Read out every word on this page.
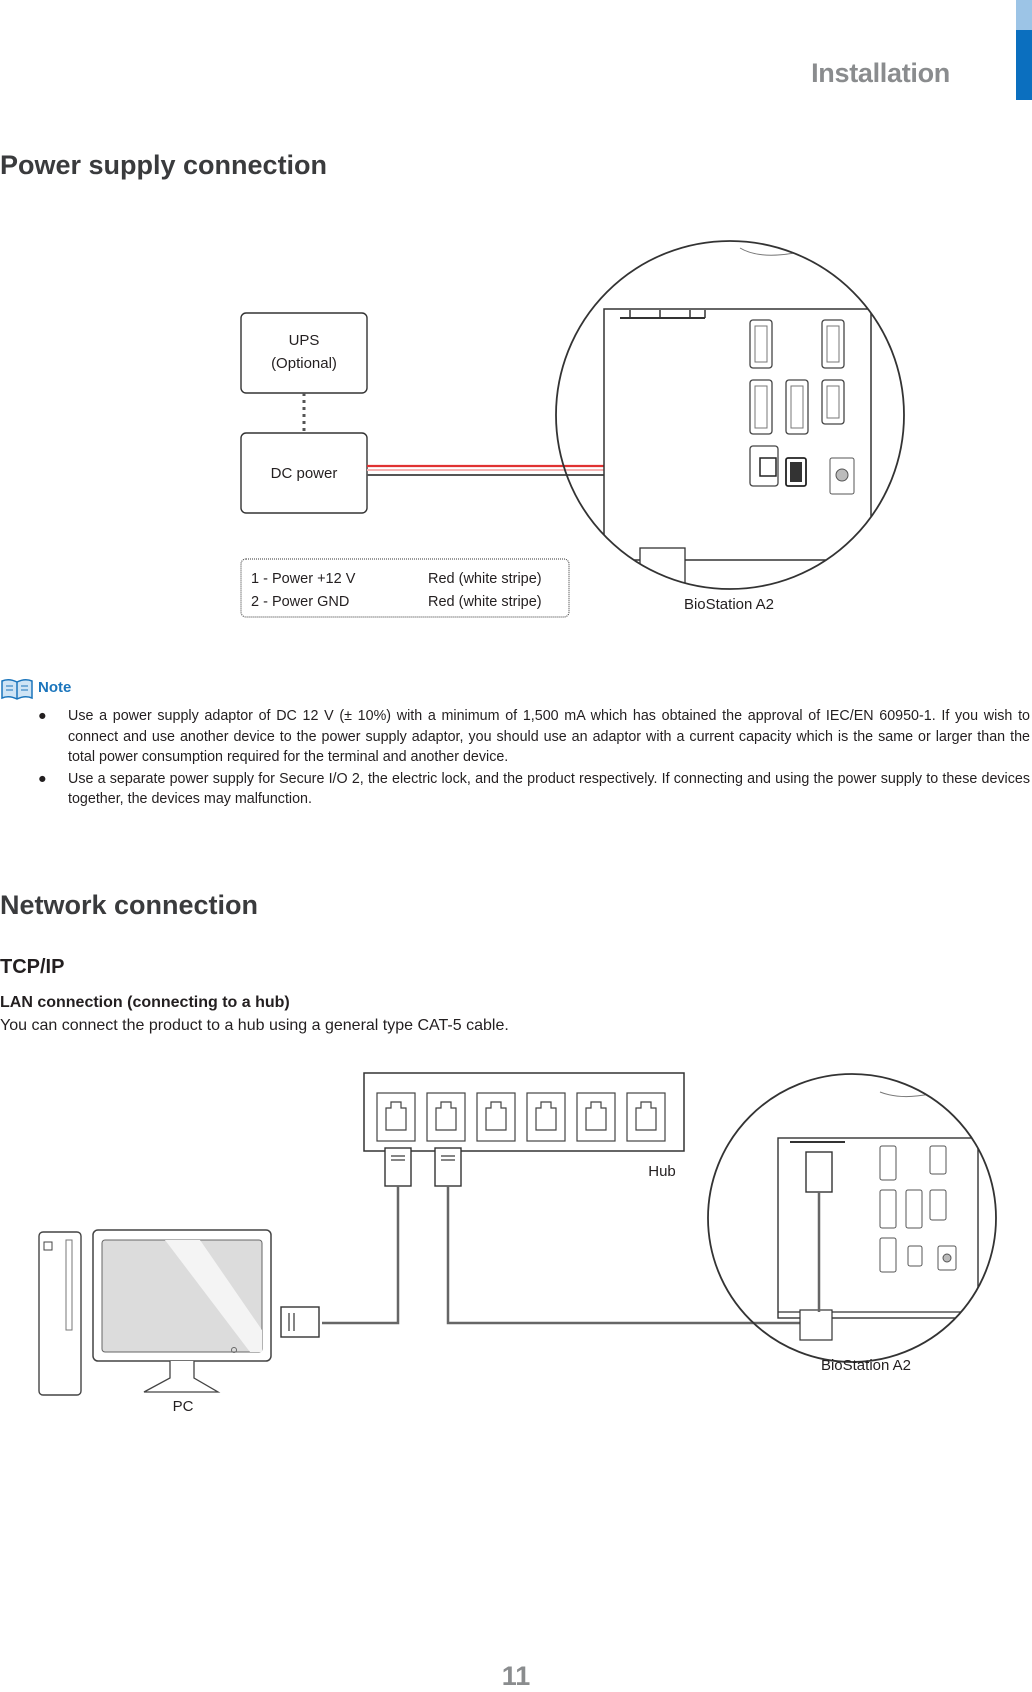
Installation
Power supply connection
UPS
(Optional)
DC power
1 - Power +12 V	Red (white stripe)
2 - Power GND	Red (white stripe)	BioStation A2
Note
● Use a power supply adaptor of DC 12 V (± 10%) with a minimum of 1,500 mA which has obtained the approval of IEC/EN 60950-1. If you wish to connect and use another device to the power supply adaptor, you should use an adaptor with a current capacity which is the same or larger than the total power consumption required for the terminal and another device.
● Use a separate power supply for Secure I/O 2, the electric lock, and the product respectively. If connecting and using the power supply to these devices together, the devices may malfunction.
Network connection
TCP/IP
LAN connection (connecting to a hub)
You can connect the product to a hub using a general type CAT-5 cable.
Hub
PC
BioStation A2
11
